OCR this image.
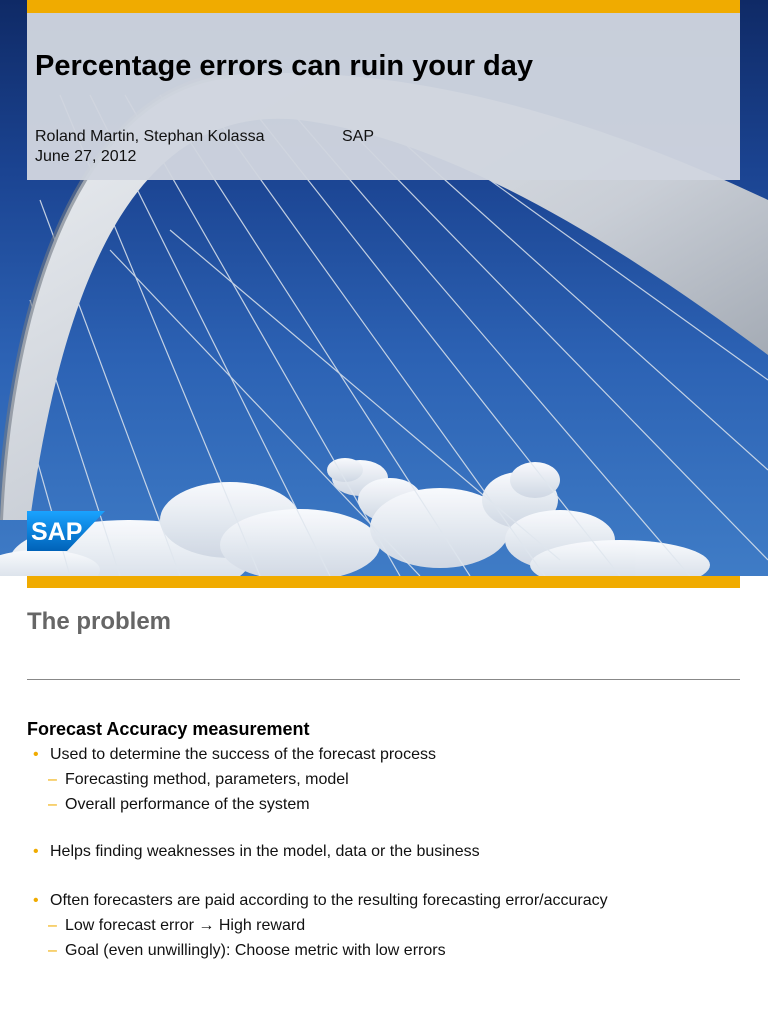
Percentage errors can ruin your day
Roland Martin, Stephan Kolassa	SAP
June 27, 2012
SAP
The problem
Forecast Accuracy measurement
• Used to determine the success of the forecast process
– Forecasting method, parameters, model
– Overall performance of the system
• Helps finding weaknesses in the model, data or the business
• Often forecasters are paid according to the resulting forecasting error/accuracy
– Low forecast error → High reward
– Goal (even unwillingly): Choose metric with low errors
